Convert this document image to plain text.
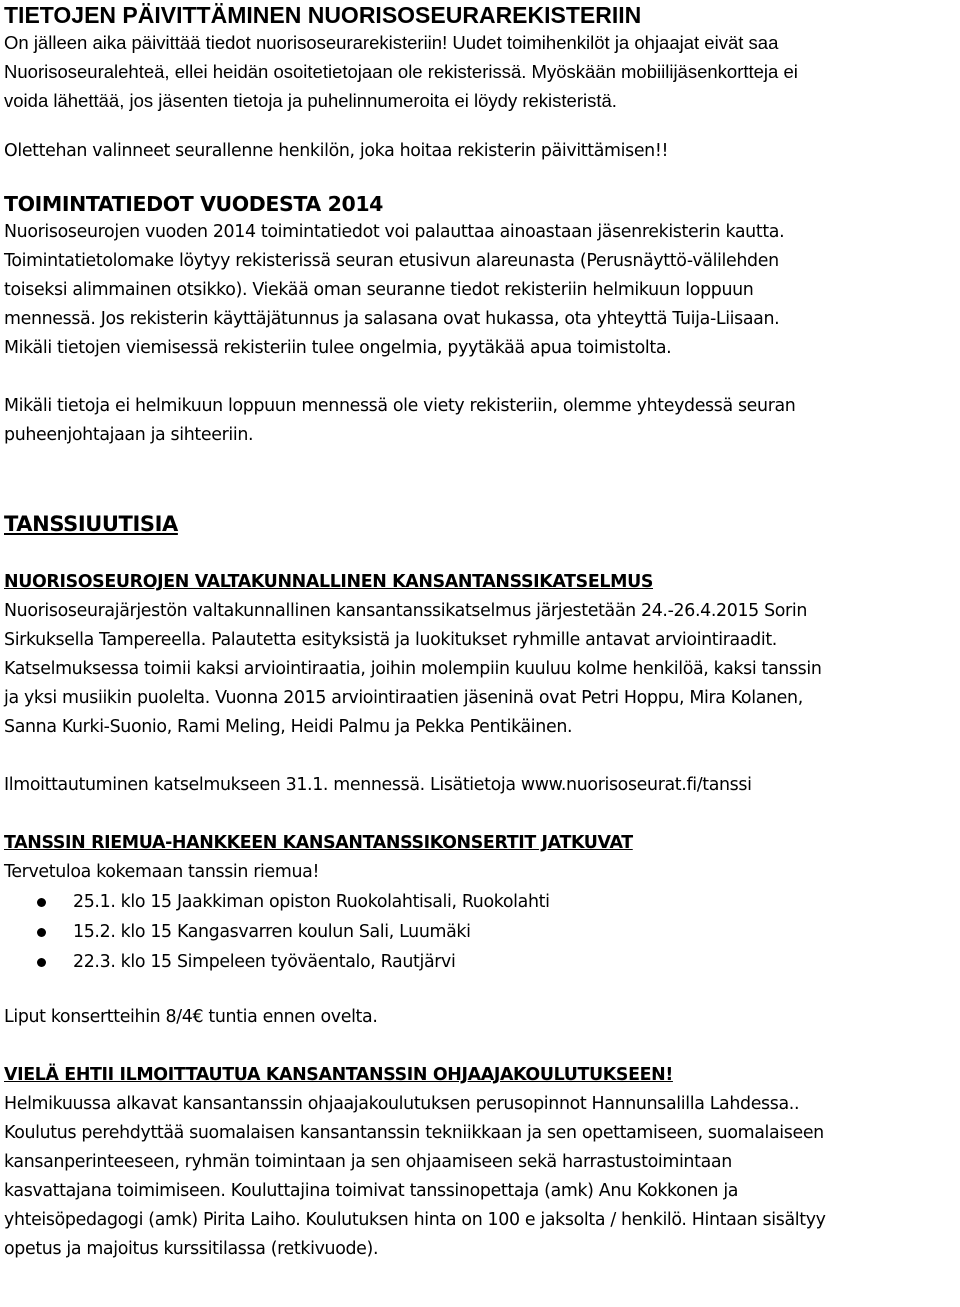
TIETOJEN PÄIVITTÄMINEN NUORISOSEURAREKISTERIIN

On jälleen aika päivittää tiedot nuorisoseurarekisteriin! Uudet toimihenkilöt ja ohjaajat eivät saa

Nuorisoseuralehteä, ellei heidän osoitetietojaan ole rekisterissä. Myöskään mobiilijäsenkortteja ei

voida lähettää, jos jäsenten tietoja ja puhelinnumeroita ei löydy rekisteristä.

Olettehan valinneet seurallenne henkilön, joka hoitaa rekisterin päivittämisen!!

TOIMINTATIEDOT VUODESTA 2014

Nuorisoseurojen vuoden 2014 toimintatiedot voi palauttaa ainoastaan jäsenrekisterin kautta.

Toimintatietolomake löytyy rekisterissä seuran etusivun alareunasta (Perusnäyttö-välilehden

toiseksi alimmainen otsikko). Viekää oman seuranne tiedot rekisteriin helmikuun loppuun

mennessä. Jos rekisterin käyttäjätunnus ja salasana ovat hukassa, ota yhteyttä Tuija-Liisaan.

Mikäli tietojen viemisessä rekisteriin tulee ongelmia, pyytäkää apua toimistolta.

Mikäli tietoja ei helmikuun loppuun mennessä ole viety rekisteriin, olemme yhteydessä seuran

puheenjohtajaan ja sihteeriin.

TANSSIUUTISIA
NUORISOSEUROJEN VALTAKUNNALLINEN KANSANTANSSIKATSELMUS

Nuorisoseurajärjestön valtakunnallinen kansantanssikatselmus järjestetään 24.-26.4.2015 Sorin

Sirkuksella Tampereella. Palautetta esityksistä ja luokitukset ryhmille antavat arviointiraadit.

Katselmuksessa toimii kaksi arviointiraatia, joihin molempiin kuuluu kolme henkilöä, kaksi tanssin

ja yksi musiikin puolelta. Vuonna 2015 arviointiraatien jäseninä ovat Petri Hoppu, Mira Kolanen,

Sanna Kurki-Suonio, Rami Meling, Heidi Palmu ja Pekka Pentikäinen.

Ilmoittautuminen katselmukseen 31.1. mennessä. Lisätietoja www.nuorisoseurat.fi/tanssi

TANSSIN RIEMUA-HANKKEEN KANSANTANSSIKONSERTIT JATKUVAT

Tervetuloa kokemaan tanssin riemua!

25.1. klo 15 Jaakkiman opiston Ruokolahtisali, Ruokolahti
15.2. klo 15 Kangasvarren koulun Sali, Luumäki
22.3. klo 15 Simpeleen työväentalo, Rautjärvi

Liput konsertteihin 8/4€ tuntia ennen ovelta.

VIELÄ EHTII ILMOITTAUTUA KANSANTANSSIN OHJAAJAKOULUTUKSEEN!

Helmikuussa alkavat kansantanssin ohjaajakoulutuksen perusopinnot Hannunsalilla Lahdessa..

Koulutus perehdyttää suomalaisen kansantanssin tekniikkaan ja sen opettamiseen, suomalaiseen

kansanperinteeseen, ryhmän toimintaan ja sen ohjaamiseen sekä harrastustoimintaan

kasvattajana toimimiseen. Kouluttajina toimivat tanssinopettaja (amk) Anu Kokkonen ja

yhteisöpedagogi (amk) Pirita Laiho. Koulutuksen hinta on 100 e jaksolta / henkilö. Hintaan sisältyy

opetus ja majoitus kurssitilassa (retkivuode).
